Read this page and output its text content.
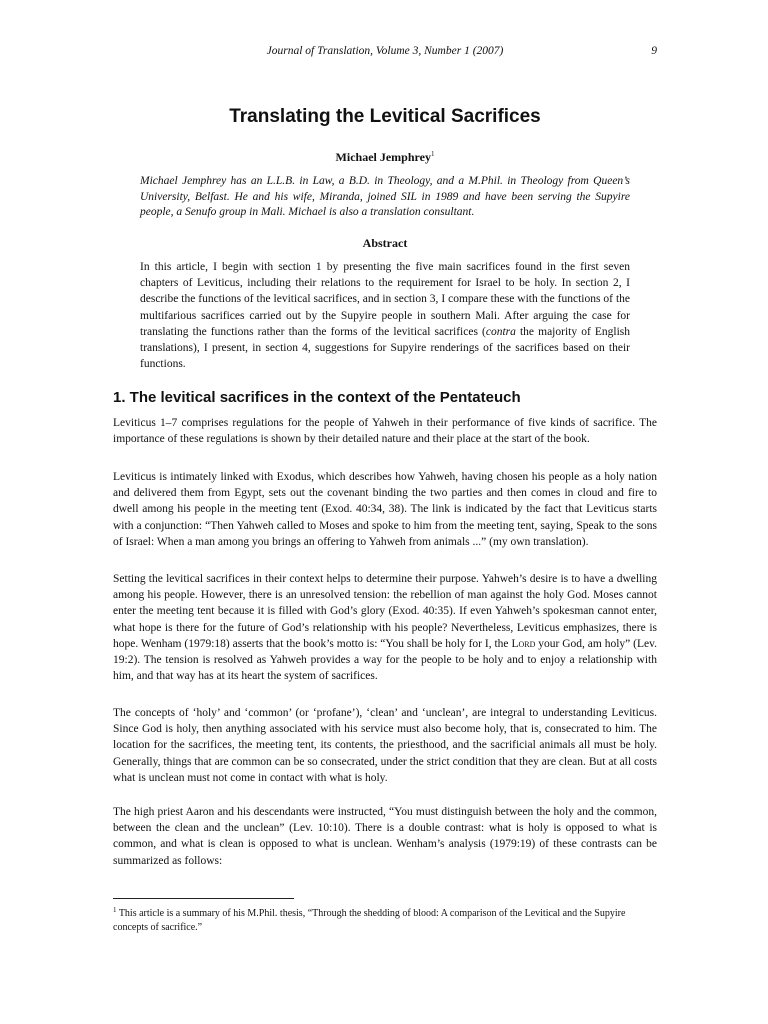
Journal of Translation, Volume 3, Number 1 (2007)	9
Translating the Levitical Sacrifices
Michael Jemphrey$^1$

Michael Jemphrey has an L.L.B. in Law, a B.D. in Theology, and a M.Phil. in Theology from Queen’s University, Belfast. He and his wife, Miranda, joined SIL in 1989 and have been serving the Supyire people, a Senufo group in Mali. Michael is also a translation consultant.

Abstract

In this article, I begin with section 1 by presenting the five main sacrifices found in the first seven chapters of Leviticus, including their relations to the requirement for Israel to be holy. In section 2, I describe the functions of the levitical sacrifices, and in section 3, I compare these with the functions of the multifarious sacrifices carried out by the Supyire people in southern Mali. After arguing the case for translating the functions rather than the forms of the levitical sacrifices (contra the majority of English translations), I present, in section 4, suggestions for Supyire renderings of the sacrifices based on their functions.

1. The levitical sacrifices in the context of the Pentateuch

Leviticus 1–7 comprises regulations for the people of Yahweh in their performance of five kinds of sacrifice. The importance of these regulations is shown by their detailed nature and their place at the start of the book.

Leviticus is intimately linked with Exodus, which describes how Yahweh, having chosen his people as a holy nation and delivered them from Egypt, sets out the covenant binding the two parties and then comes in cloud and fire to dwell among his people in the meeting tent (Exod. 40:34, 38). The link is indicated by the fact that Leviticus starts with a conjunction: “Then Yahweh called to Moses and spoke to him from the meeting tent, saying, Speak to the sons of Israel: When a man among you brings an offering to Yahweh from animals ...” (my own translation).

Setting the levitical sacrifices in their context helps to determine their purpose. Yahweh’s desire is to have a dwelling among his people. However, there is an unresolved tension: the rebellion of man against the holy God. Moses cannot enter the meeting tent because it is filled with God’s glory (Exod. 40:35). If even Yahweh’s spokesman cannot enter, what hope is there for the future of God’s relationship with his people? Nevertheless, Leviticus emphasizes, there is hope. Wenham (1979:18) asserts that the book’s motto is: “You shall be holy for I, the Lord your God, am holy” (Lev. 19:2). The tension is resolved as Yahweh provides a way for the people to be holy and to enjoy a relationship with him, and that way has at its heart the system of sacrifices.

The concepts of ‘holy’ and ‘common’ (or ‘profane’), ‘clean’ and ‘unclean’, are integral to understanding Leviticus. Since God is holy, then anything associated with his service must also become holy, that is, consecrated to him. The location for the sacrifices, the meeting tent, its contents, the priesthood, and the sacrificial animals all must be holy. Generally, things that are common can be so consecrated, under the strict condition that they are clean. But at all costs what is unclean must not come in contact with what is holy.

The high priest Aaron and his descendants were instructed, “You must distinguish between the holy and the common, between the clean and the unclean” (Lev. 10:10). There is a double contrast: what is holy is opposed to what is common, and what is clean is opposed to what is unclean. Wenham’s analysis (1979:19) of these contrasts can be summarized as follows:

$^1$ This article is a summary of his M.Phil. thesis, “Through the shedding of blood: A comparison of the Levitical and the Supyire concepts of sacrifice.”
